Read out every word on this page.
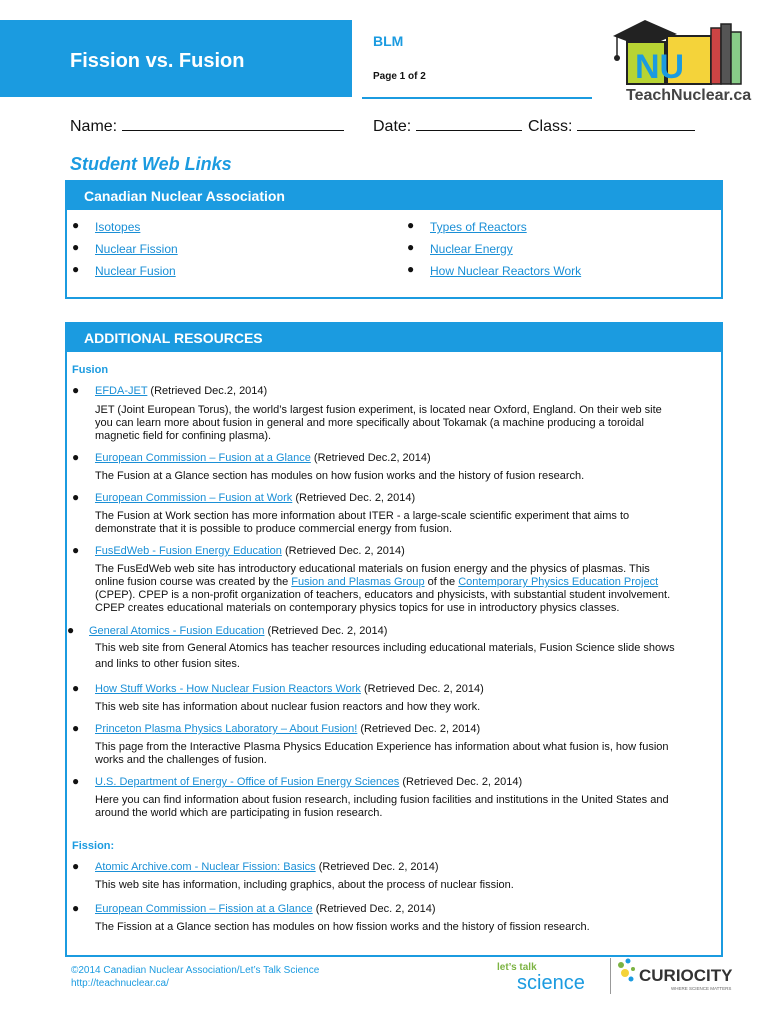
Fission vs. Fusion
BLM
Page 1 of 2	NU
TeachNuclear.ca
Name:	Date:	Class:
Student Web Links
Canadian Nuclear Association
● Isotopes
● Nuclear Fission
● Nuclear Fusion
● Types of Reactors
● Nuclear Energy
● How Nuclear Reactors Work
ADDITIONAL RESOURCES
Fusion
● EFDA-JET (Retrieved Dec.2, 2014)
JET (Joint European Torus), the world’s largest fusion experiment, is located near Oxford, England. On their web site
you can learn more about fusion in general and more specifically about Tokamak (a machine producing a toroidal
magnetic field for confining plasma).
● European Commission – Fusion at a Glance (Retrieved Dec.2, 2014)
The Fusion at a Glance section has modules on how fusion works and the history of fusion research.
● European Commission – Fusion at Work (Retrieved Dec. 2, 2014)
The Fusion at Work section has more information about ITER - a large-scale scientific experiment that aims to
demonstrate that it is possible to produce commercial energy from fusion.
● FusEdWeb - Fusion Energy Education (Retrieved Dec. 2, 2014)
The FusEdWeb web site has introductory educational materials on fusion energy and the physics of plasmas. This
online fusion course was created by the Fusion and Plasmas Group of the Contemporary Physics Education Project
(CPEP). CPEP is a non-profit organization of teachers, educators and physicists, with substantial student involvement.
CPEP creates educational materials on contemporary physics topics for use in introductory physics classes.
● General Atomics - Fusion Education (Retrieved Dec. 2, 2014)
This web site from General Atomics has teacher resources including educational materials, Fusion Science slide shows
and links to other fusion sites.
● How Stuff Works - How Nuclear Fusion Reactors Work (Retrieved Dec. 2, 2014)
This web site has information about nuclear fusion reactors and how they work.
● Princeton Plasma Physics Laboratory – About Fusion! (Retrieved Dec. 2, 2014)
This page from the Interactive Plasma Physics Education Experience has information about what fusion is, how fusion
works and the challenges of fusion.
● U.S. Department of Energy - Office of Fusion Energy Sciences (Retrieved Dec. 2, 2014)
Here you can find information about fusion research, including fusion facilities and institutions in the United States and
around the world which are participating in fusion research.
Fission:
● Atomic Archive.com - Nuclear Fission: Basics (Retrieved Dec. 2, 2014)
This web site has information, including graphics, about the process of nuclear fission.
● European Commission – Fission at a Glance (Retrieved Dec. 2, 2014)
The Fission at a Glance section has modules on how fission works and the history of fission research.
©2014 Canadian Nuclear Association/Let’s Talk Science
http://teachnuclear.ca/
let’s talk
science	CURIOCITY
WHERE SCIENCE MATTERS
